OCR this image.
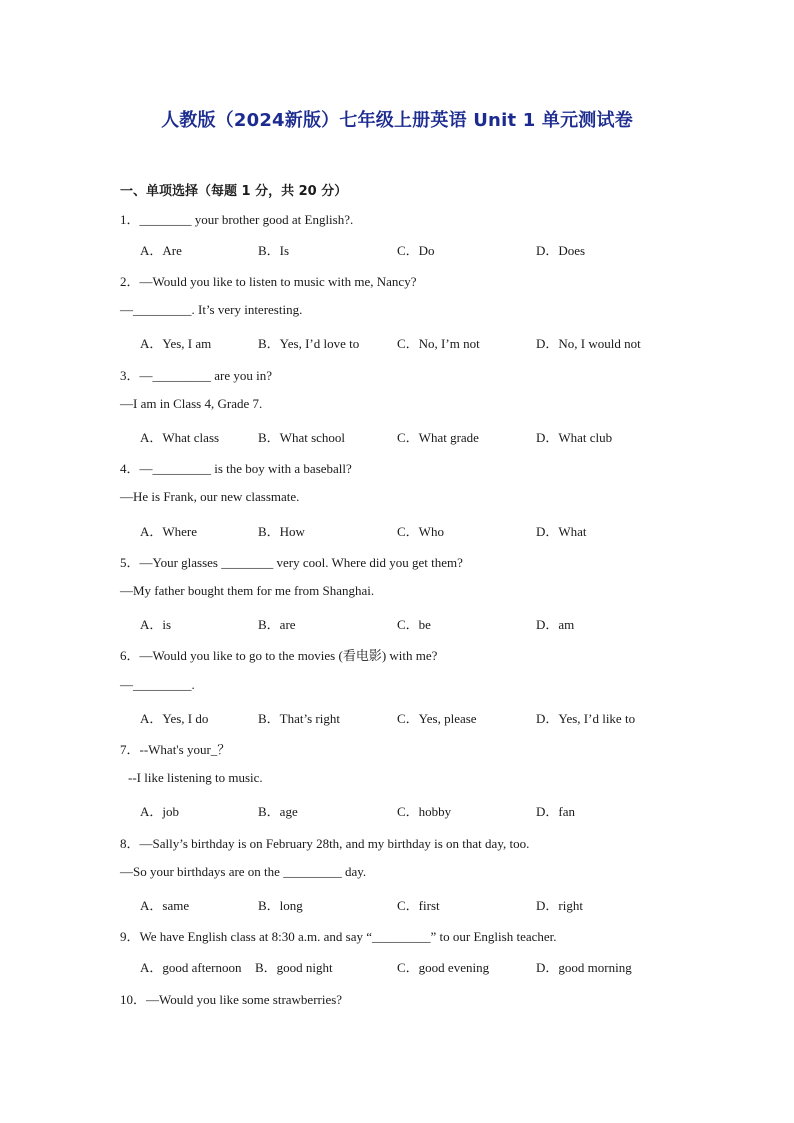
人教版（2024新版）七年级上册英语 Unit 1 单元测试卷
一、单项选择（每题 1 分，共 20 分）
1．________ your brother good at English?.
A．Are	B．Is	C．Do	D．Does
2．—Would you like to listen to music with me, Nancy?
—_________. It’s very interesting.
A．Yes, I am	B．Yes, I’d love to	C．No, I’m not	D．No, I would not
3．—_________ are you in?
—I am in Class 4, Grade 7.
A．What class	B．What school	C．What grade	D．What club
4．—_________ is the boy with a baseball?
—He is Frank, our new classmate.
A．Where	B．How	C．Who	D．What
5．—Your glasses ________ very cool. Where did you get them?
—My father bought them for me from Shanghai.
A．is	B．are	C．be	D．am
6．—Would you like to go to the movies (看电影) with me?
—_________.
A．Yes, I do	B．That’s right	C．Yes, please	D．Yes, I’d like to
7．--What's your_？
--I like listening to music.
A．job	B．age	C．hobby	D．fan
8．—Sally’s birthday is on February 28th, and my birthday is on that day, too.
—So your birthdays are on the _________ day.
A．same	B．long	C．first	D．right
9．We have English class at 8:30 a.m. and say “_________” to our English teacher.
A．good afternoon B．good night	C．good evening	D．good morning
10．—Would you like some strawberries?
